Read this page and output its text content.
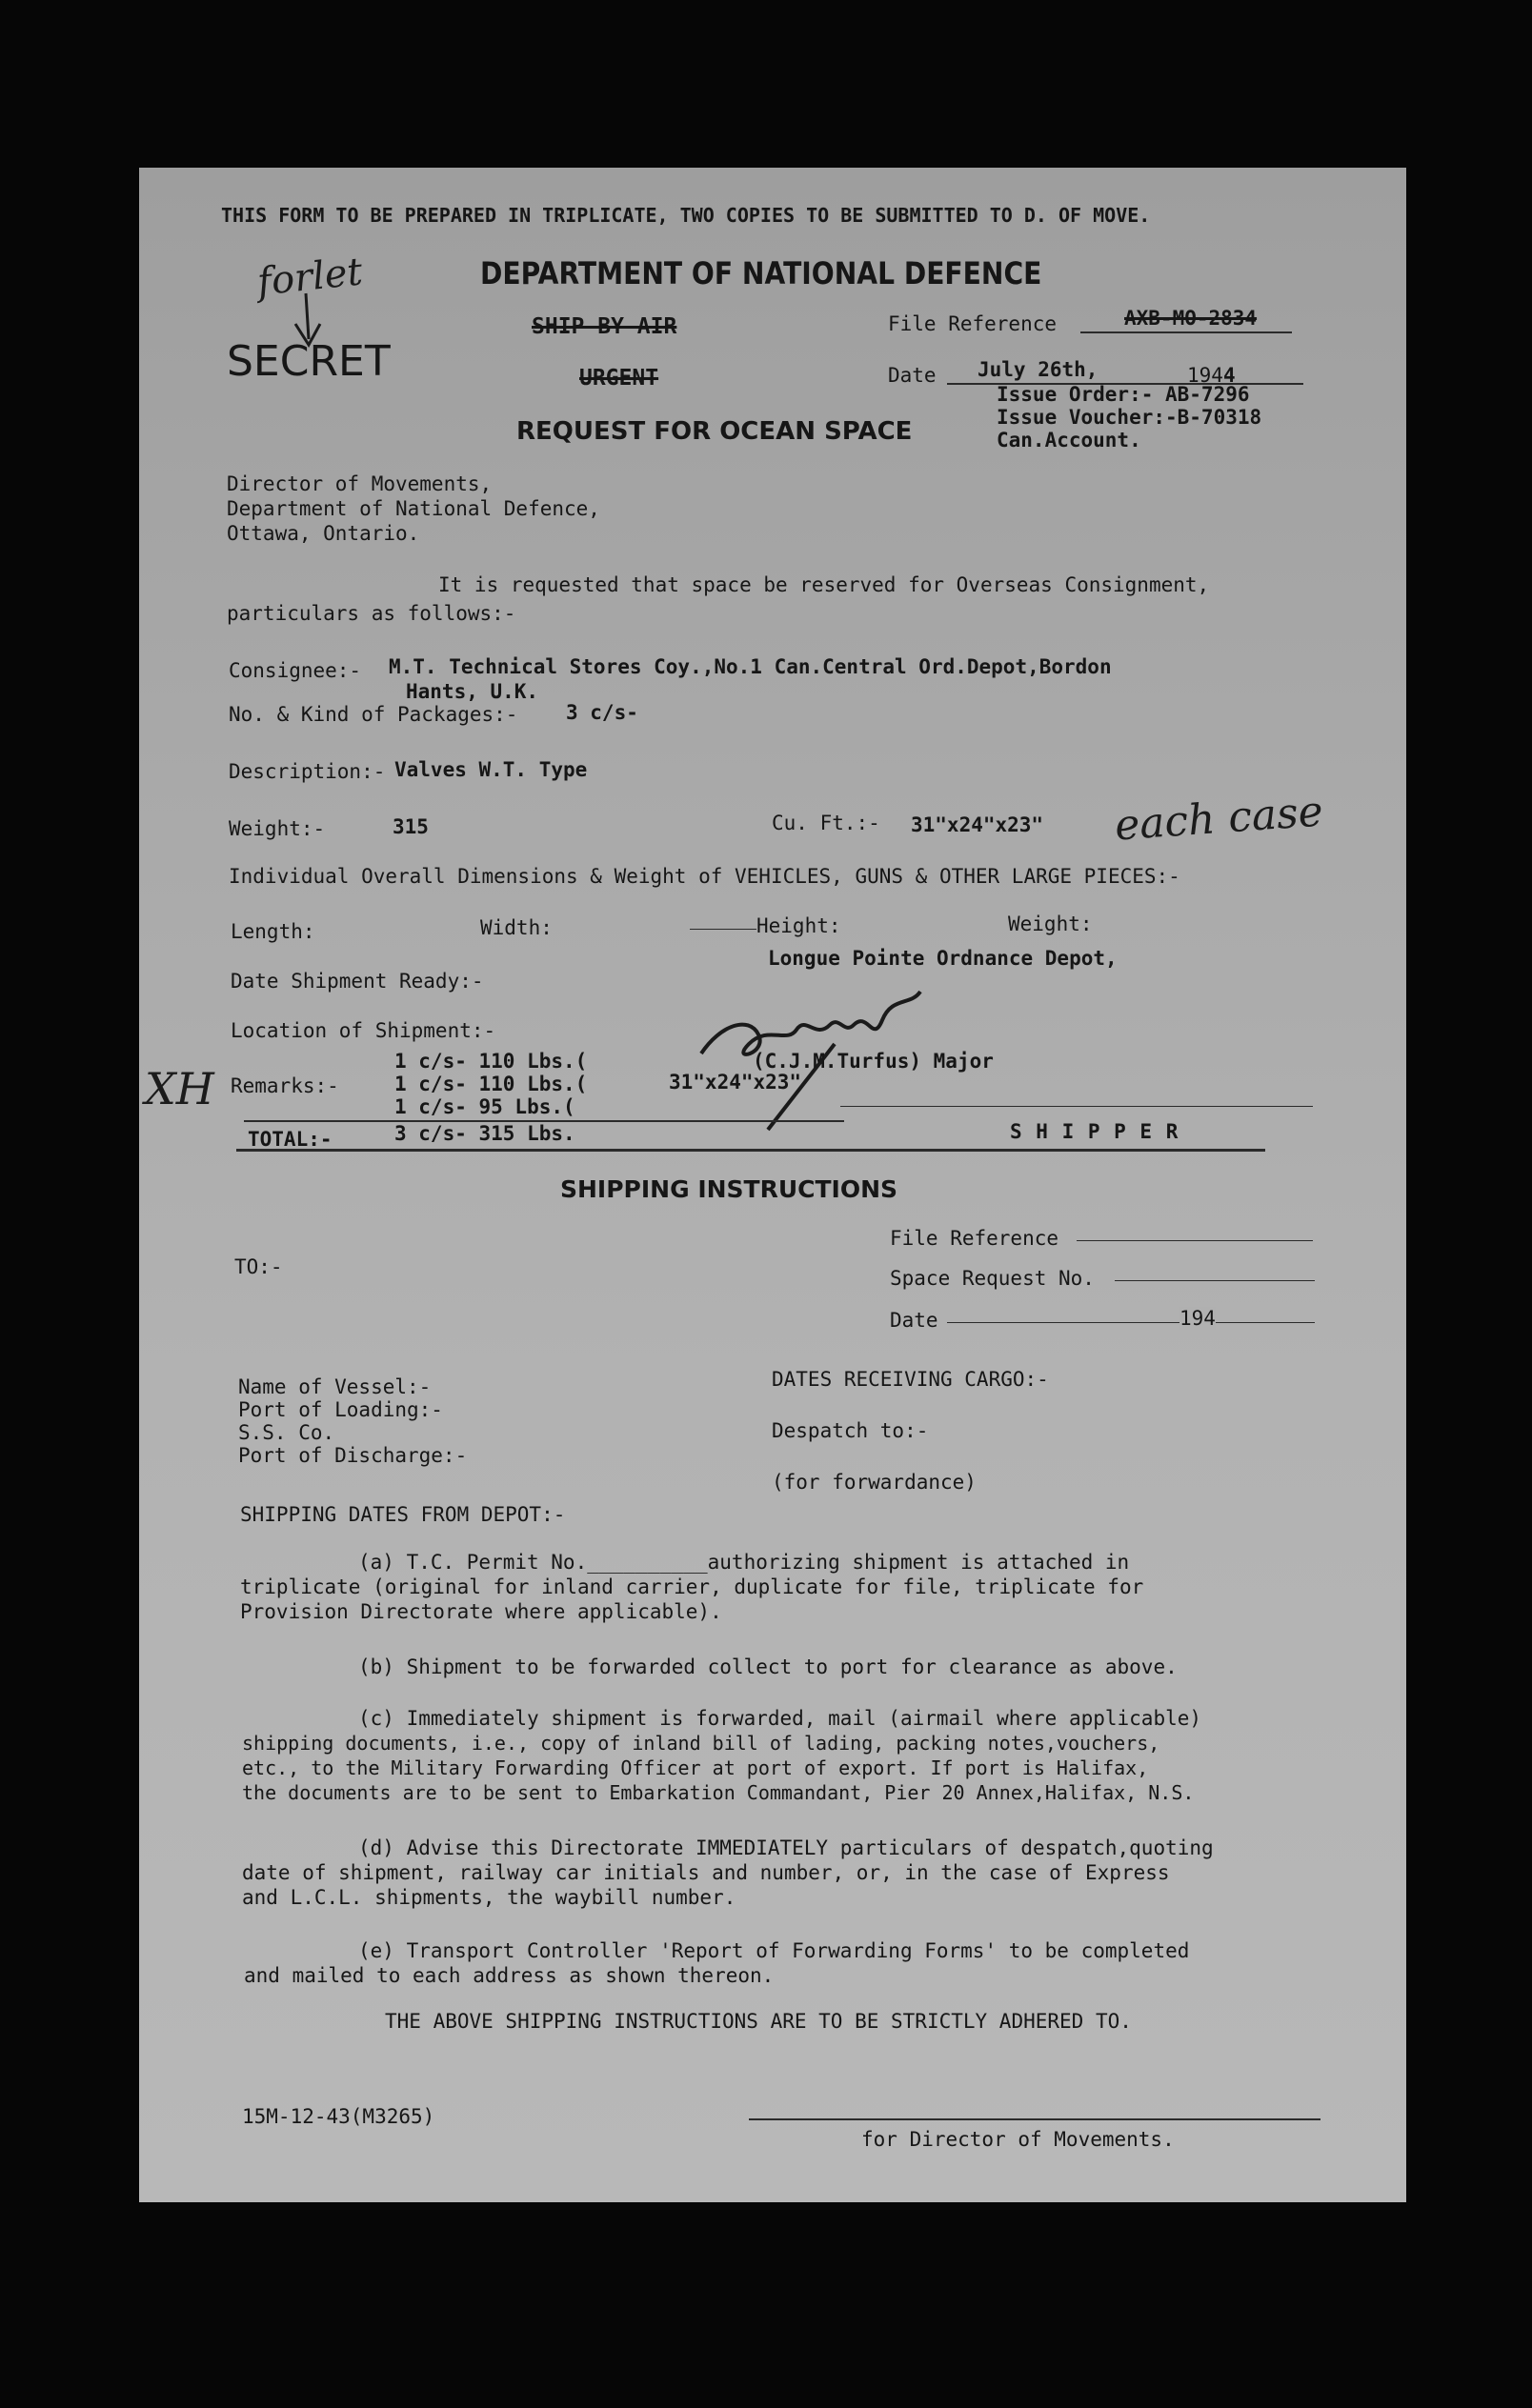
THIS FORM TO BE PREPARED IN TRIPLICATE, TWO COPIES TO BE SUBMITTED TO D. OF MOVE.
forlet	DEPARTMENT OF NATIONAL DEFENCE
SHIP BY AIR
URGENT
SECRET
REQUEST FOR OCEAN SPACE
File Reference	AXB-MO-2834
Date July 26th,	1944
Issue Order:- AB-7296
Issue Voucher:-B-70318
Can.Account.
Director of Movements,
Department of National Defence,
Ottawa, Ontario.
It is requested that space be reserved for Overseas Consignment,
particulars as follows:-
Consignee:- M.T. Technical Stores Coy.,No.1 Can.Central Ord.Depot,Bordon
Hants, U.K.
No. & Kind of Packages:- 3 c/s-
Description:- Valves W.T. Type
Weight:-	315	Cu. Ft.:- 31"x24"x23" each case
Individual Overall Dimensions & Weight of VEHICLES, GUNS & OTHER LARGE PIECES:-
Length:	Width:	Height:	Weight:
Longue Pointe Ordnance Depot,
Date Shipment Ready:-
Location of Shipment:-
XH Remarks:-
1 c/s- 110 Lbs.(
1 c/s- 110 Lbs.(
1 c/s- 95 Lbs.(
31"x24"x23"
(C.J.M.Turfus) Major
TOTAL:-	3 c/s- 315 Lbs.	S H I P P E R
SHIPPING INSTRUCTIONS
File Reference
TO:-	Space Request No.
Date	194
Name of Vessel:-
Port of Loading:-
S.S. Co.
Port of Discharge:-
DATES RECEIVING CARGO:-
Despatch to:-
(for forwardance)
SHIPPING DATES FROM DEPOT:-
(a) T.C. Permit No.__________authorizing shipment is attached in
triplicate (original for inland carrier, duplicate for file, triplicate for
Provision Directorate where applicable).
(b) Shipment to be forwarded collect to port for clearance as above.
(c) Immediately shipment is forwarded, mail (airmail where applicable)
shipping documents, i.e., copy of inland bill of lading, packing notes,vouchers,
etc., to the Military Forwarding Officer at port of export. If port is Halifax,
the documents are to be sent to Embarkation Commandant, Pier 20 Annex,Halifax, N.S.
(d) Advise this Directorate IMMEDIATELY particulars of despatch,quoting
date of shipment, railway car initials and number, or, in the case of Express
and L.C.L. shipments, the waybill number.
(e) Transport Controller 'Report of Forwarding Forms' to be completed
and mailed to each address as shown thereon.
THE ABOVE SHIPPING INSTRUCTIONS ARE TO BE STRICTLY ADHERED TO.
15M-12-43(M3265)
for Director of Movements.
